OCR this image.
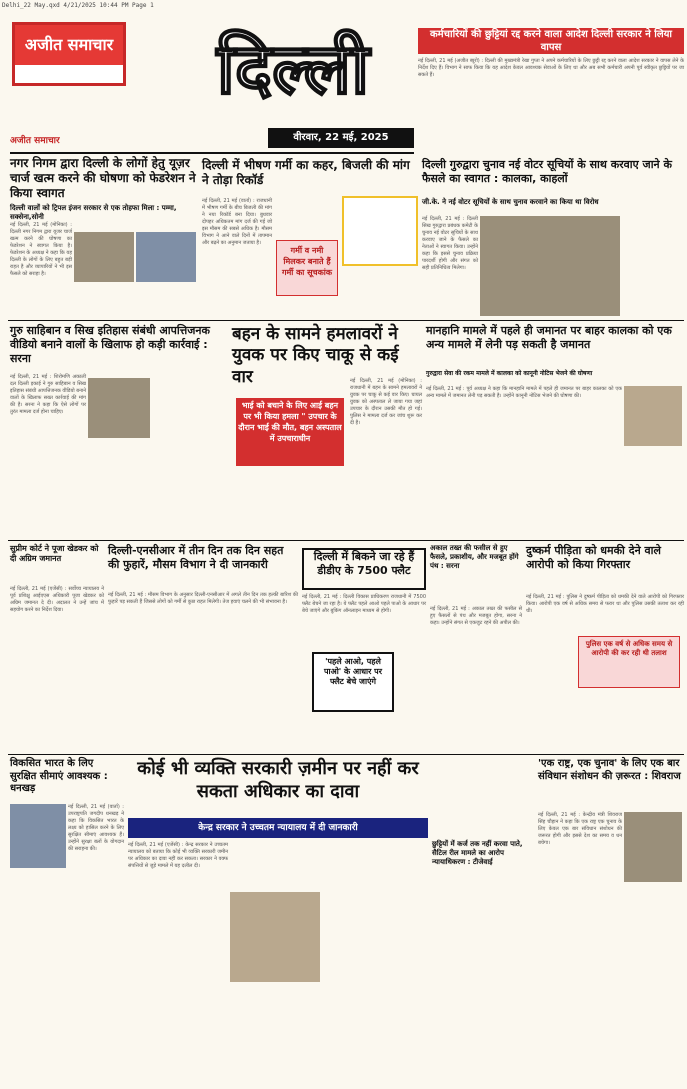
Delhi_22 May.qxd 4/21/2025 10:44 PM Page 1
अजीत समाचार
अजीत समाचार
दिल्ली
वीरवार, 22 मई, 2025
कर्मचारियों की छुट्टियां रद्द करने वाला आदेश दिल्ली सरकार ने लिया वापस
नई दिल्ली, 21 मई (अजीत ब्यूरो) : दिल्ली की मुख्यमंत्री रेखा गुप्ता ने अपने कर्मचारियों के लिए छुट्टी रद्द करने वाला आदेश सरकार ने वापस लेने के निर्देश दिए हैं। विभाग ने साफ किया कि यह आदेश केवल आवश्यक सेवाओं के लिए था और अब सभी कर्मचारी अपनी पूर्व स्वीकृत छुट्टियों पर जा सकते हैं।
नगर निगम द्वारा दिल्ली के लोगों हेतु यूज़र चार्ज खत्म करने की घोषणा को फेडरेशन ने किया स्वागत
दिल्ली वालों को ट्रिपल इंजन सरकार से एक तोहफा मिला : पम्मा, सक्सेना,सोनी
नई दिल्ली, 21 मई (मोनिका) : दिल्ली नगर निगम द्वारा यूजर चार्ज खत्म करने की घोषणा का फेडरेशन ने स्वागत किया है। फेडरेशन के अध्यक्ष ने कहा कि यह दिल्ली के लोगों के लिए बहुत बड़ी राहत है और व्यापारियों ने भी इस फैसले को सराहा है।
दिल्ली में भीषण गर्मी का कहर, बिजली की मांग ने तोड़ा रिकॉर्ड
नई दिल्ली, 21 मई (वार्ता) : राजधानी में भीषण गर्मी के बीच बिजली की मांग ने नया रिकॉर्ड बना दिया। बुधवार दोपहर अधिकतम मांग दर्ज की गई जो इस मौसम की सबसे अधिक है। मौसम विभाग ने आने वाले दिनों में तापमान और बढ़ने का अनुमान जताया है।
गर्मी व नमी मिलकर बनाते हैं गर्मी का सूचकांक
दिल्ली गुरुद्वारा चुनाव नई वोटर सूचियों के साथ करवाए जाने के फैसले का स्वागत : कालका, काहलों
जी.के. ने नई वोटर सूचियों के साथ चुनाव करवाने का किया था विरोध
नई दिल्ली, 21 मई : दिल्ली सिख गुरुद्वारा प्रबंधक कमेटी के चुनाव नई वोटर सूचियों के साथ करवाए जाने के फैसले का नेताओं ने स्वागत किया। उन्होंने कहा कि इससे चुनाव प्रक्रिया पारदर्शी होगी और संगत को सही प्रतिनिधित्व मिलेगा।
गुरु साहिबान व सिख इतिहास संबंधी आपत्तिजनक वीडियो बनाने वालों के खिलाफ हो कड़ी कार्रवाई : सरना
नई दिल्ली, 21 मई : शिरोमणि अकाली दल दिल्ली इकाई ने गुरु साहिबान व सिख इतिहास संबंधी आपत्तिजनक वीडियो बनाने वालों के खिलाफ सख्त कार्रवाई की मांग की है। सरना ने कहा कि ऐसे लोगों पर तुरंत मामला दर्ज होना चाहिए।
बहन के सामने हमलावरों ने युवक पर किए चाकू से कई वार
भाई को बचाने के लिए आई बहन पर भी किया हमला " उपचार के दौरान भाई की मौत, बहन अस्पताल में उपचाराधीन
नई दिल्ली, 21 मई (मोनिका) : राजधानी में बहन के सामने हमलावरों ने युवक पर चाकू से कई वार किए। घायल युवक को अस्पताल ले जाया गया जहां उपचार के दौरान उसकी मौत हो गई। पुलिस ने मामला दर्ज कर जांच शुरू कर दी है।
मानहानि मामले में पहले ही जमानत पर बाहर कालका को एक अन्य मामले में लेनी पड़ सकती है जमानत
गुरुद्वारा सेवा की रकम मामले में कालका को कानूनी नोटिस भेजने की घोषणा
नई दिल्ली, 21 मई : पूर्व अध्यक्ष ने कहा कि मानहानि मामले में पहले ही जमानत पर बाहर कालका को एक अन्य मामले में जमानत लेनी पड़ सकती है। उन्होंने कानूनी नोटिस भेजने की घोषणा की।
सुप्रीम कोर्ट ने पूजा खेडकर को दी अग्रिम जमानत
नई दिल्ली, 21 मई (एजेंसी) : सर्वोच्च न्यायालय ने पूर्व प्रशिक्षु आईएएस अधिकारी पूजा खेडकर को अग्रिम जमानत दे दी। अदालत ने उन्हें जांच में सहयोग करने का निर्देश दिया।
दिल्ली-एनसीआर में तीन दिन तक दिन सहत की फुहारें, मौसम विभाग ने दी जानकारी
नई दिल्ली, 21 मई : मौसम विभाग के अनुसार दिल्ली-एनसीआर में अगले तीन दिन तक हल्की बारिश की फुहारें पड़ सकती हैं जिससे लोगों को गर्मी से कुछ राहत मिलेगी। तेज हवाएं चलने की भी संभावना है।
दिल्ली में बिकने जा रहे हैं डीडीए के 7500 फ्लैट
नई दिल्ली, 21 मई : दिल्ली विकास प्राधिकरण राजधानी में 7500 फ्लैट बेचने जा रहा है। ये फ्लैट पहले आओ पहले पाओ के आधार पर बेचे जाएंगे और बुकिंग ऑनलाइन माध्यम से होगी।
'पहले आओ, पहले पाओ' के आधार पर फ्लैट बेचे जाएंगे
अकाल तख्त की फसील से हुए फैसले, प्रकाशीय, और मजबूत होंगे पंथ : सरना
नई दिल्ली, 21 मई : अकाल तख्त की फसील से हुए फैसलों से पंथ और मजबूत होगा, सरना ने कहा। उन्होंने संगत से एकजुट रहने की अपील की।
दुष्कर्म पीड़िता को धमकी देने वाले आरोपी को किया गिरफ्तार
नई दिल्ली, 21 मई : पुलिस ने दुष्कर्म पीड़िता को धमकी देने वाले आरोपी को गिरफ्तार किया। आरोपी एक वर्ष से अधिक समय से फरार था और पुलिस उसकी तलाश कर रही थी।
पुलिस एक वर्ष से अधिक समय से आरोपी की कर रही थी तलाश
विकसित भारत के लिए सुरक्षित सीमाएं आवश्यक : धनखड़
नई दिल्ली, 21 मई (वार्ता) : उपराष्ट्रपति जगदीप धनखड़ ने कहा कि विकसित भारत के लक्ष्य को हासिल करने के लिए सुरक्षित सीमाएं आवश्यक हैं। उन्होंने सुरक्षा बलों के योगदान की सराहना की।
कोई भी व्यक्ति सरकारी ज़मीन पर नहीं कर सकता अधिकार का दावा
केन्द्र सरकार ने उच्चतम न्यायालय में दी जानकारी
नई दिल्ली, 21 मई (एजेंसी) : केन्द्र सरकार ने उच्चतम न्यायालय को बताया कि कोई भी व्यक्ति सरकारी जमीन पर अधिकार का दावा नहीं कर सकता। सरकार ने वक्फ संपत्तियों से जुड़े मामले में यह दलील दी।
छुट्टियों में कर्ज तक नहीं करवा पाते, सैटिल रील मामले का आरोप न्यायाधिकरण : टीजेवाई
'एक राष्ट्र, एक चुनाव' के लिए एक बार संविधान संशोधन की ज़रूरत : शिवराज
नई दिल्ली, 21 मई : केन्द्रीय मंत्री शिवराज सिंह चौहान ने कहा कि एक राष्ट्र एक चुनाव के लिए केवल एक बार संविधान संशोधन की जरूरत होगी और इससे देश का समय व धन बचेगा।
